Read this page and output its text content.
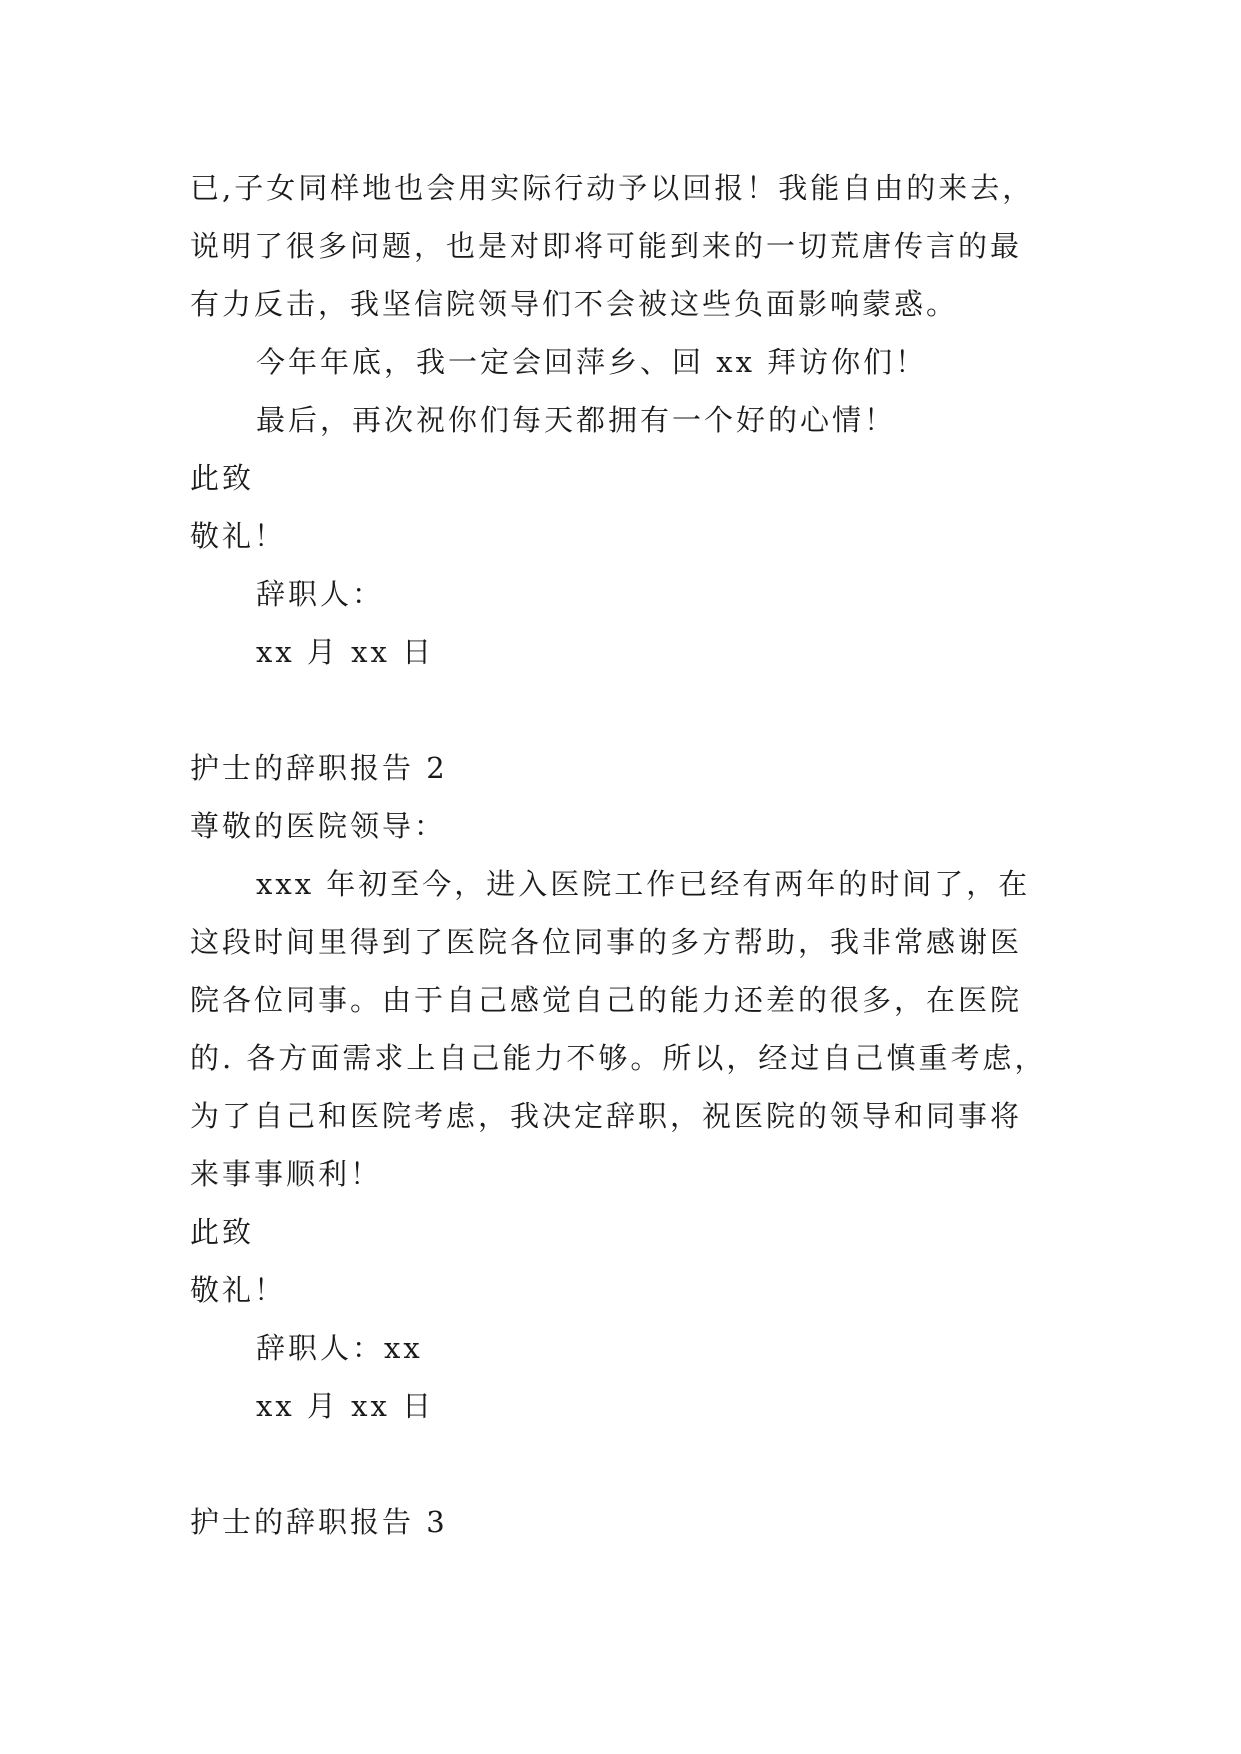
已,子女同样地也会用实际行动予以回报！我能自由的来去，
说明了很多问题，也是对即将可能到来的一切荒唐传言的最
有力反击，我坚信院领导们不会被这些负面影响蒙惑。
今年年底，我一定会回萍乡、回 xx 拜访你们！
最后，再次祝你们每天都拥有一个好的心情！
此致
敬礼！
辞职人：
xx 月 xx 日
护士的辞职报告 2
尊敬的医院领导：
xxx 年初至今，进入医院工作已经有两年的时间了，在
这段时间里得到了医院各位同事的多方帮助，我非常感谢医
院各位同事。由于自己感觉自己的能力还差的很多，在医院
的. 各方面需求上自己能力不够。所以，经过自己慎重考虑，
为了自己和医院考虑，我决定辞职，祝医院的领导和同事将
来事事顺利！
此致
敬礼！
辞职人：xx
xx 月 xx 日
护士的辞职报告 3
